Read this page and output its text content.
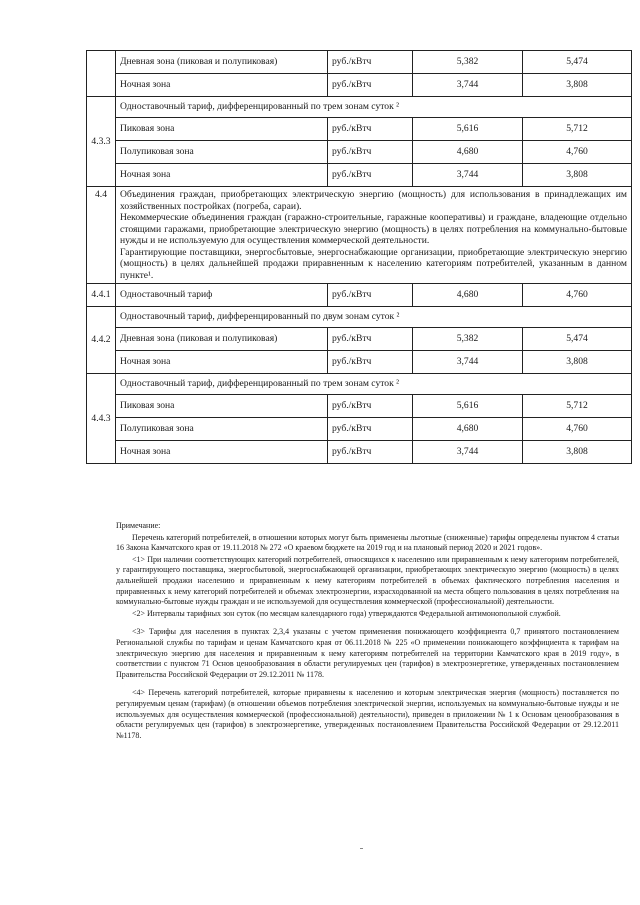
	Дневная зона (пиковая и полупиковая)	руб./кВтч	5,382	5,474
	Ночная зона	руб./кВтч	3,744	3,808
4.3.3	Одноставочный тариф, дифференцированный по трем зонам суток ²			
	Пиковая зона	руб./кВтч	5,616	5,712
	Полупиковая зона	руб./кВтч	4,680	4,760
	Ночная зона	руб./кВтч	3,744	3,808
4.4	Объединения граждан, приобретающих электрическую энергию (мощность) для использования в принадлежащих им хозяйственных постройках (погреба, сараи).
Некоммерческие объединения граждан (гаражно-строительные, гаражные кооперативы) и граждане, владеющие отдельно стоящими гаражами, приобретающие электрическую энергию (мощность) в целях потребления на коммунально-бытовые нужды и не используемую для осуществления коммерческой деятельности.
Гарантирующие поставщики, энергосбытовые, энергоснабжающие организации, приобретающие электрическую энергию (мощность) в целях дальнейшей продажи приравненным к населению категориям потребителей, указанным в данном пункте¹.			

4.4.1	Одноставочный тариф	руб./кВтч	4,680	4,760
4.4.2	Одноставочный тариф, дифференцированный по двум зонам суток ²			
	Дневная зона (пиковая и полупиковая)	руб./кВтч	5,382	5,474
	Ночная зона	руб./кВтч	3,744	3,808
4.4.3	Одноставочный тариф, дифференцированный по трем зонам суток ²			
	Пиковая зона	руб./кВтч	5,616	5,712
	Полупиковая зона	руб./кВтч	4,680	4,760
	Ночная зона	руб./кВтч	3,744	3,808

Примечание:

Перечень категорий потребителей, в отношении которых могут быть применены льготные (сниженные) тарифы определены пунктом 4 статьи 16 Закона Камчатского края от 19.11.2018 № 272 «О краевом бюджете на 2019 год и на плановый период 2020 и 2021 годов».

<1> При наличии соответствующих категорий потребителей, относящихся к населению или приравненным к нему категориям потребителей, у гарантирующего поставщика, энергосбытовой, энергоснабжающей организации, приобретающих электрическую энергию (мощность) в целях дальнейшей продажи населению и приравненным к нему категориям потребителей в объемах фактического потребления населения и приравненных к нему категорий потребителей и объемах электроэнергии, израсходованной на места общего пользования в целях потребления на коммунально-бытовые нужды граждан и не используемой для осуществления коммерческой (профессиональной) деятельности.

<2> Интервалы тарифных зон суток (по месяцам календарного года) утверждаются Федеральной антимонопольной службой.

<3> Тарифы для населения в пунктах 2,3,4 указаны с учетом применения понижающего коэффициента 0,7 принятого постановлением Региональной службы по тарифам и ценам Камчатского края от 06.11.2018 № 225 «О применении понижающего коэффициента к тарифам на электрическую энергию для населения и приравненным к нему категориям потребителей на территории Камчатского края в 2019 году», в соответствии с пунктом 71 Основ ценообразования в области регулируемых цен (тарифов) в электроэнергетике, утвержденных постановлением Правительства Российской Федерации от 29.12.2011 № 1178.

<4> Перечень категорий потребителей, которые приравнены к населению и которым электрическая энергия (мощность) поставляется по регулируемым ценам (тарифам) (в отношении объемов потребления электрической энергии, используемых на коммунально-бытовые нужды и не используемых для осуществления коммерческой (профессиональной) деятельности), приведен в приложении № 1 к Основам ценообразования в области регулируемых цен (тарифов) в электроэнергетике, утвержденных постановлением Правительства Российской Федерации от 29.12.2011 №1178.
